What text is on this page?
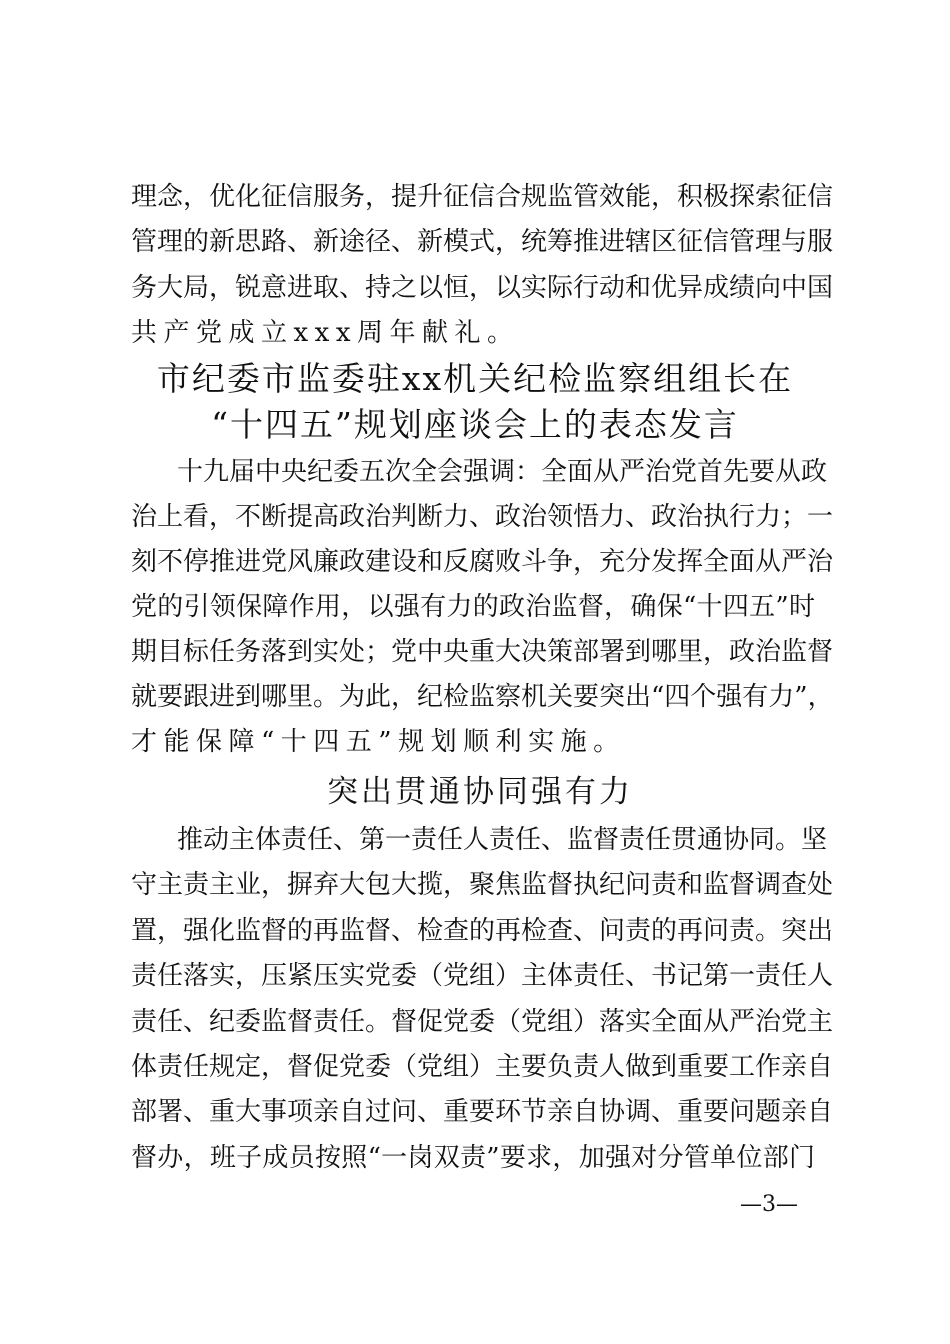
理念，优化征信服务，提升征信合规监管效能，积极探索征信
管理的新思路、新途径、新模式，统筹推进辖区征信管理与服
务大局，锐意进取、持之以恒，以实际行动和优异成绩向中国
共产党成立xxx周年献礼。
市纪委市监委驻xx机关纪检监察组组长在
“十四五”规划座谈会上的表态发言
十九届中央纪委五次全会强调：全面从严治党首先要从政
治上看，不断提高政治判断力、政治领悟力、政治执行力；一
刻不停推进党风廉政建设和反腐败斗争，充分发挥全面从严治
党的引领保障作用，以强有力的政治监督，确保“十四五”时
期目标任务落到实处；党中央重大决策部署到哪里，政治监督
就要跟进到哪里。为此，纪检监察机关要突出“四个强有力”，
才能保障“十四五”规划顺利实施。
突出贯通协同强有力
推动主体责任、第一责任人责任、监督责任贯通协同。坚
守主责主业，摒弃大包大揽，聚焦监督执纪问责和监督调查处
置，强化监督的再监督、检查的再检查、问责的再问责。突出
责任落实，压紧压实党委（党组）主体责任、书记第一责任人
责任、纪委监督责任。督促党委（党组）落实全面从严治党主
体责任规定，督促党委（党组）主要负责人做到重要工作亲自
部署、重大事项亲自过问、重要环节亲自协调、重要问题亲自
督办，班子成员按照“一岗双责”要求，加强对分管单位部门
—3—
